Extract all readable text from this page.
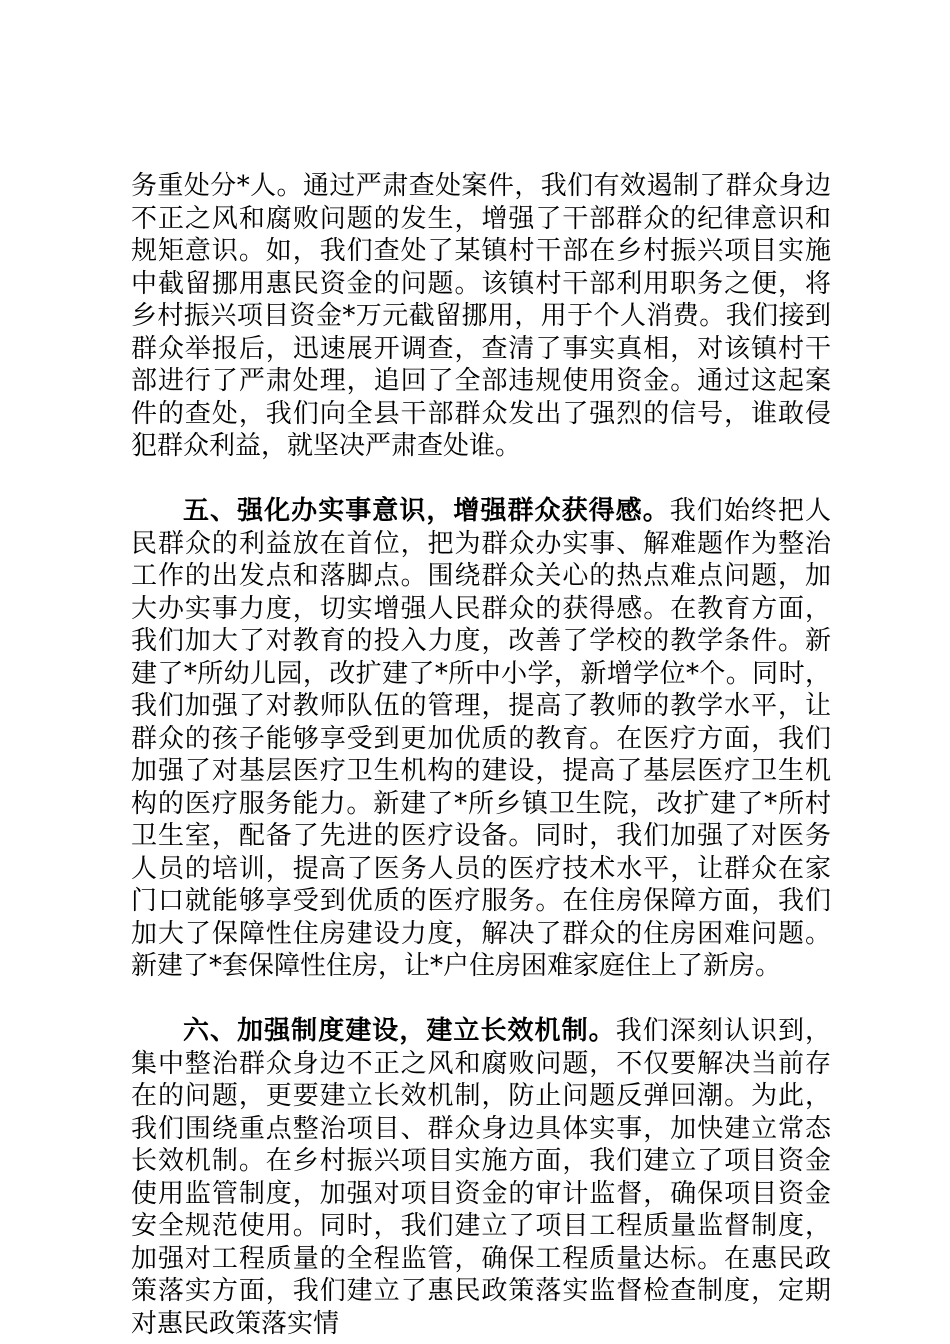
务重处分*人。通过严肃查处案件，我们有效遏制了群众身边不正之风和腐败问题的发生，增强了干部群众的纪律意识和规矩意识。如，我们查处了某镇村干部在乡村振兴项目实施中截留挪用惠民资金的问题。该镇村干部利用职务之便，将乡村振兴项目资金*万元截留挪用，用于个人消费。我们接到群众举报后，迅速展开调查，查清了事实真相，对该镇村干部进行了严肃处理，追回了全部违规使用资金。通过这起案件的查处，我们向全县干部群众发出了强烈的信号，谁敢侵犯群众利益，就坚决严肃查处谁。

五、强化办实事意识，增强群众获得感。我们始终把人民群众的利益放在首位，把为群众办实事、解难题作为整治工作的出发点和落脚点。围绕群众关心的热点难点问题，加大办实事力度，切实增强人民群众的获得感。在教育方面，我们加大了对教育的投入力度，改善了学校的教学条件。新建了*所幼儿园，改扩建了*所中小学，新增学位*个。同时，我们加强了对教师队伍的管理，提高了教师的教学水平，让群众的孩子能够享受到更加优质的教育。在医疗方面，我们加强了对基层医疗卫生机构的建设，提高了基层医疗卫生机构的医疗服务能力。新建了*所乡镇卫生院，改扩建了*所村卫生室，配备了先进的医疗设备。同时，我们加强了对医务人员的培训，提高了医务人员的医疗技术水平，让群众在家门口就能够享受到优质的医疗服务。在住房保障方面，我们加大了保障性住房建设力度，解决了群众的住房困难问题。新建了*套保障性住房，让*户住房困难家庭住上了新房。

六、加强制度建设，建立长效机制。我们深刻认识到，集中整治群众身边不正之风和腐败问题，不仅要解决当前存在的问题，更要建立长效机制，防止问题反弹回潮。为此，我们围绕重点整治项目、群众身边具体实事，加快建立常态长效机制。在乡村振兴项目实施方面，我们建立了项目资金使用监管制度，加强对项目资金的审计监督，确保项目资金安全规范使用。同时，我们建立了项目工程质量监督制度，加强对工程质量的全程监管，确保工程质量达标。在惠民政策落实方面，我们建立了惠民政策落实监督检查制度，定期对惠民政策落实情
